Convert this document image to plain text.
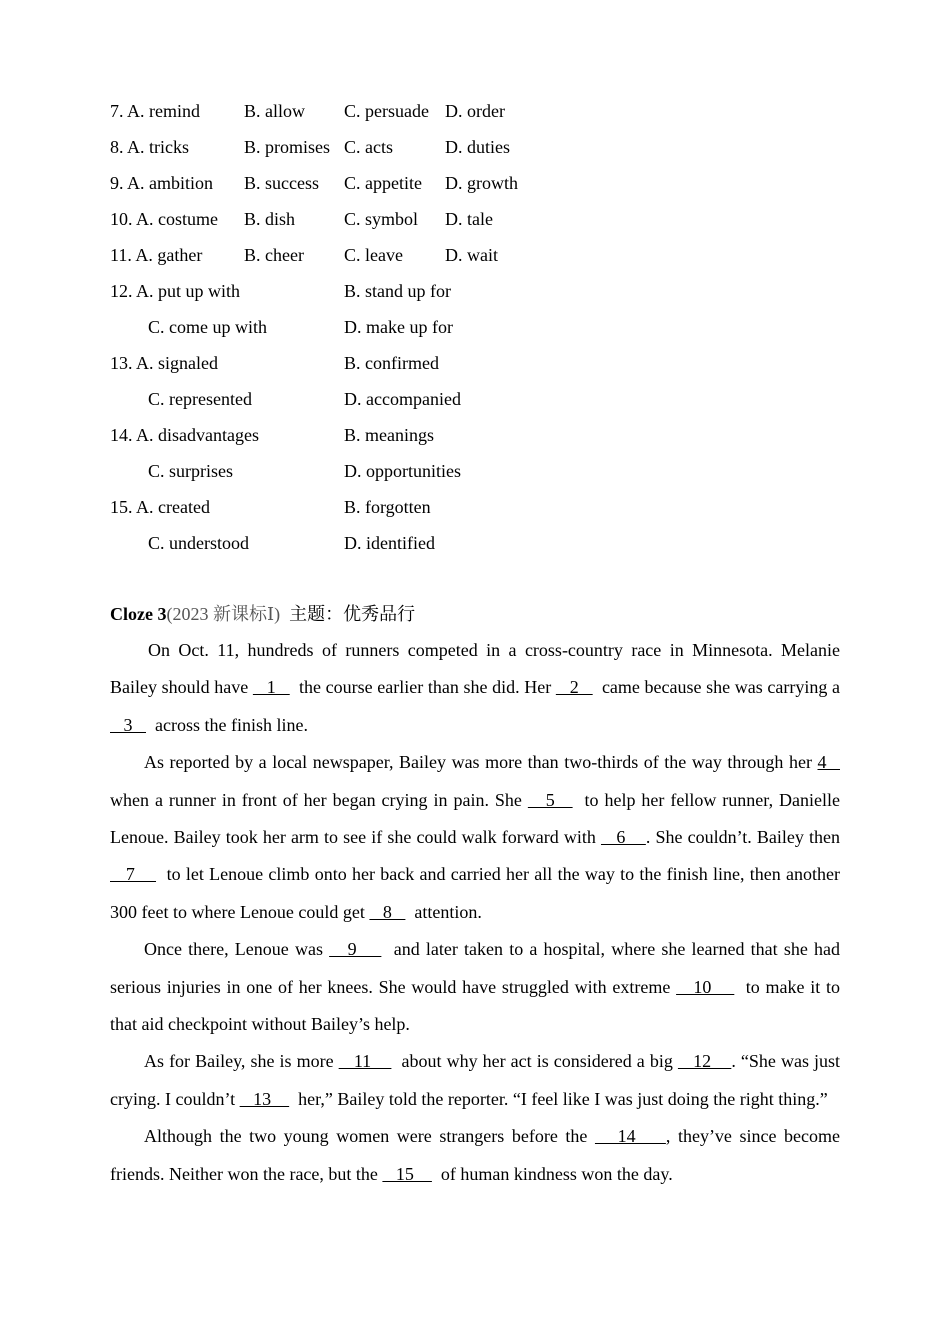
7. A. remind B. allow C. persuade D. order
8. A. tricks	B. promises C. acts	D. duties
9. A. ambition B. success C. appetite D. growth
10. A. costume B. dish	C. symbol D. tale
11. A. gather B. cheer C. leave D. wait
12. A. put up with	B. stand up for
C. come up with	D. make up for
13. A. signaled	B. confirmed
C. represented	D. accompanied
14. A. disadvantages	B. meanings
C. surprises	D. opportunities
15. A. created	B. forgotten
C. understood	D. identified
Cloze 3(2023 新课标Ⅰ)  主题：优秀品行

On Oct. 11, hundreds of runners competed in a cross-country race in Minnesota. Melanie Bailey should have    1     the course earlier than she did. Her    2     came because she was carrying a    3     across the finish line.

As reported by a local newspaper, Bailey was more than two-thirds of the way through her 4     when a runner in front of her began crying in pain. She    5     to help her fellow runner, Danielle Lenoue. Bailey took her arm to see if she could walk forward with    6    . She couldn’t. Bailey then    7      to let Lenoue climb onto her back and carried her all the way to the finish line, then another 300 feet to where Lenoue could get    8     attention.

Once there, Lenoue was    9      and later taken to a hospital, where she learned that she had serious injuries in one of her knees. She would have struggled with extreme    10      to make it to that aid checkpoint without Bailey’s help.

As for Bailey, she is more    11      about why her act is considered a big    12    . “She was just crying. I couldn’t    13      her,” Bailey told the reporter. “I feel like I was just doing the right thing.”

Although the two young women were strangers before the    14    , they’ve since become friends. Neither won the race, but the    15      of human kindness won the day.
